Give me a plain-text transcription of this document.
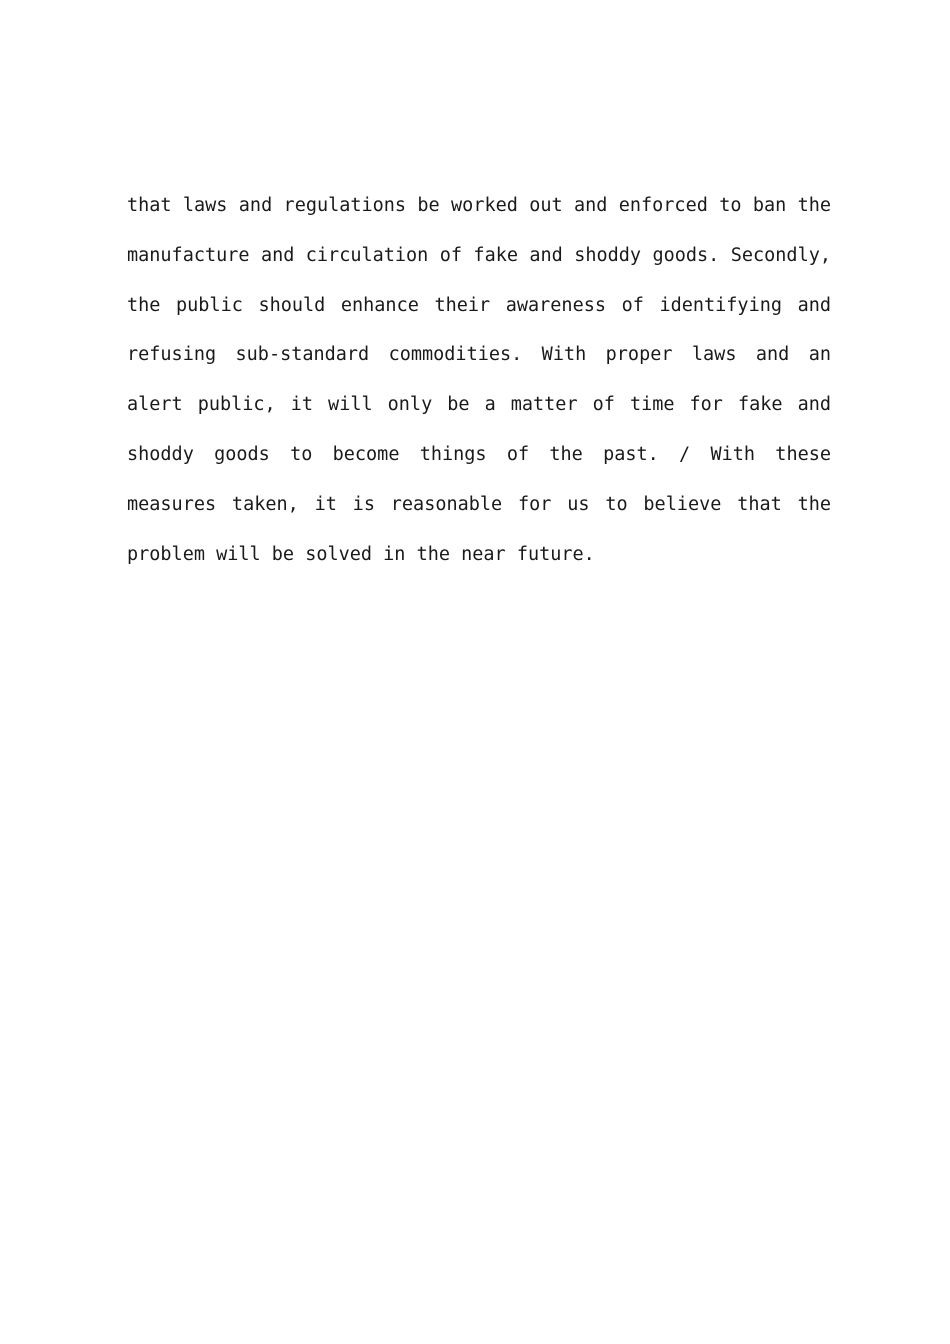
that laws and regulations be worked out and enforced to ban the
manufacture and circulation of fake and shoddy goods. Secondly,
the public should enhance their awareness of identifying and
refusing sub-standard commodities. With proper laws and an
alert public, it will only be a matter of time for fake and
shoddy goods to become things of the past. / With these
measures taken, it is reasonable for us to believe that the
problem will be solved in the near future.
